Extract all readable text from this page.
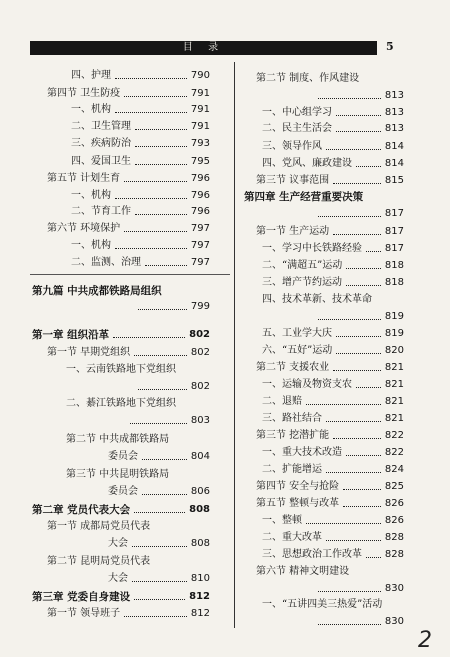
目 录	5
四、护理	790
第四节 卫生防疫	791
一、机构	791
二、卫生管理	791
三、疾病防治	793
四、爱国卫生	795
第五节 计划生育	796
一、机构	796
二、节育工作	796
第六节 环境保护	797
一、机构	797
二、监测、治理	797
第九篇 中共成都铁路局组织
799
第一章 组织沿革	802
第一节 早期党组织	802
一、云南铁路地下党组织
802
二、綦江铁路地下党组织
803
第二节 中共成都铁路局
委员会	804
第三节 中共昆明铁路局
委员会	806
第二章 党员代表大会	808
第一节 成都局党员代表
大会	808
第二节 昆明局党员代表
大会	810
第三章 党委自身建设	812
第一节 领导班子	812
第二节 制度、作风建设
813
一、中心组学习	813
二、民主生活会	813
三、领导作风	814
四、党风、廉政建设	814
第三节 议事范围	815
第四章 生产经营重要决策
817
第一节 生产运动	817
一、学习中长铁路经验 817
二、“满超五”运动	818
三、增产节约运动	818
四、技术革新、技术革命
819
五、工业学大庆	819
六、“五好”运动	820
第二节 支援农业	821
一、运输及物资支农	821
二、退赔	821
三、路社结合	821
第三节 挖潜扩能	822
一、重大技术改造	822
二、扩能增运	824
第四节 安全与抢险	825
第五节 整顿与改革	826
一、整顿	826
二、重大改革	828
三、思想政治工作改革 828
第六节 精神文明建设
830
一、“五讲四美三热爱”活动
830
2
